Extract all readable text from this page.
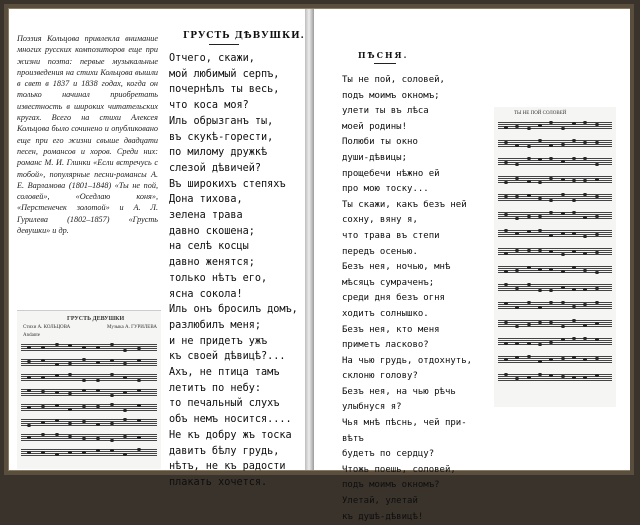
Поэзия Кольцова привлекла внимание многих русских композиторов еще при жизни поэта: первые музыкальные произведения на стихи Кольцова вышли в свет в 1837 и 1838 годах, когда он только начинал приобретать известность в широких читательских кругах. Всего на стихи Алексея Кольцова было сочинено и опубликовано еще при его жизни свыше двадцати песен, романсов и хоров. Среди них: романс М. И. Глинки «Если встречусь с тобой», популярные песни-романсы А. Е. Варламова (1801–1848) «Ты не пой, соловей», «Оседлаю коня», «Перстенечек золотой» и А. Л. Гурилева (1802–1857) «Грусть девушки» и др.

ГРУСТЬ ДѢВУШКИ.
Отчего, скажи,
мой любимый серпъ,
почернѣлъ ты весь,
что коса моя?
Иль обрызганъ ты,
въ скукѣ-горести,
по милому дружкѣ
слезой дѣвичей?
Въ широкихъ степяхъ
Дона тихова,
зелена трава
давно скошена;
на селѣ косцы
давно женятся;
только нѣтъ его,
ясна сокола!
Иль онъ бросилъ домъ,
разлюбилъ меня;
и не придетъ ужъ
къ своей дѣвицѣ?...
Ахъ, не птица тамъ
летитъ по небу:
то печальный слухъ
объ немъ носится....
Не къ добру жъ тоска
давитъ бѣлу грудь,
нѣтъ, не къ радости
плакать хочется.
ГРУСТЬ ДЕВУШКИ
Стихи А. КОЛЬЦОВА	Музыка А. ГУРИЛЕВА
Andante
ПѢСНЯ.
Ты не пой, соловей,
подъ моимъ окномъ;
улети ты въ лѣса
моей родины!
Полюби ты окно
души-дѣвицы;
прощебечи нѣжно ей
про мою тоску...
Ты скажи, какъ безъ ней
сохну, вяну я,
что трава въ степи
передъ осенью.
Безъ нея, ночью, мнѣ
мѣсяцъ сумраченъ;
среди дня безъ огня
ходитъ солнышко.
Безъ нея, кто меня
приметъ ласково?
На чью грудь, отдохнуть,
склоню голову?
Безъ нея, на чью рѣчь
улыбнуся я?
Чья мнѣ пѣснь, чей при-
вѣтъ
будетъ по сердцу?
Чтожь поешь, соловей,
подъ моимъ окномъ?
Улетай, улетай
къ душѣ-дѣвицѣ!
ТЫ НЕ ПОЙ СОЛОВЕЙ
